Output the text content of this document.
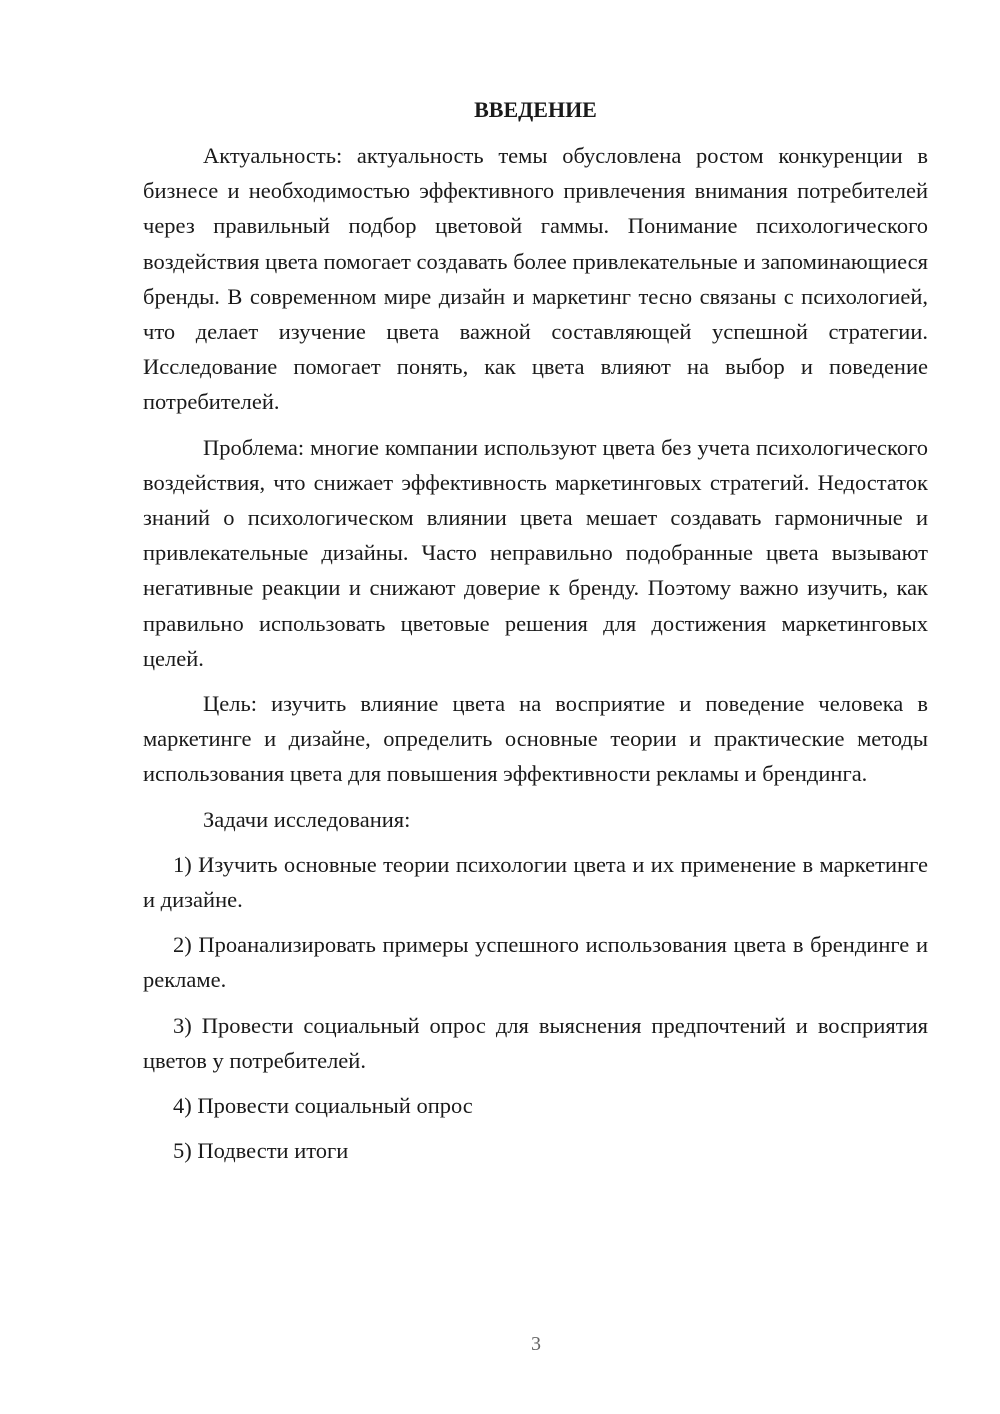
ВВЕДЕНИЕ

Актуальность: актуальность темы обусловлена ростом конкуренции в бизнесе и необходимостью эффективного привлечения внимания потребителей через правильный подбор цветовой гаммы. Понимание психологического воздействия цвета помогает создавать более привлекательные и запоминающиеся бренды. В современном мире дизайн и маркетинг тесно связаны с психологией, что делает изучение цвета важной составляющей успешной стратегии. Исследование помогает понять, как цвета влияют на выбор и поведение потребителей.

Проблема: многие компании используют цвета без учета психологического воздействия, что снижает эффективность маркетинговых стратегий. Недостаток знаний о психологическом влиянии цвета мешает создавать гармоничные и привлекательные дизайны. Часто неправильно подобранные цвета вызывают негативные реакции и снижают доверие к бренду. Поэтому важно изучить, как правильно использовать цветовые решения для достижения маркетинговых целей.

Цель: изучить влияние цвета на восприятие и поведение человека в маркетинге и дизайне, определить основные теории и практические методы использования цвета для повышения эффективности рекламы и брендинга.

Задачи исследования:

1) Изучить основные теории психологии цвета и их применение в маркетинге и дизайне.

2) Проанализировать примеры успешного использования цвета в брендинге и рекламе.

3) Провести социальный опрос для выяснения предпочтений и восприятия цветов у потребителей.

4) Провести социальный опрос

5) Подвести итоги

3
